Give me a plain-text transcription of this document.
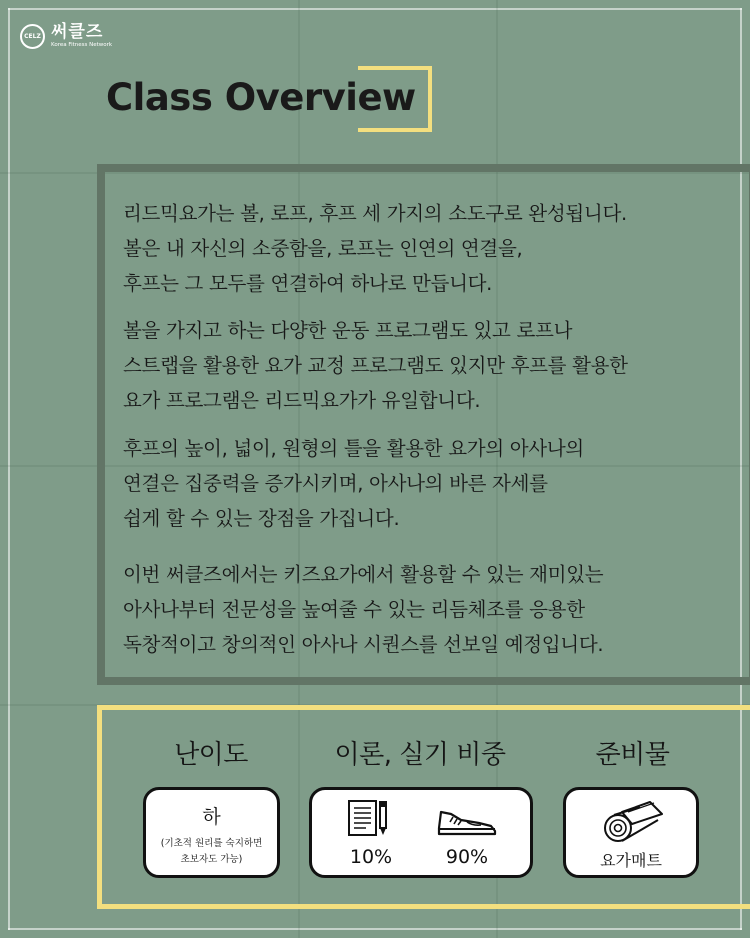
CELZ 써클즈
Korea Fitness Network
Class Overview

리드믹요가는 볼, 로프, 후프 세 가지의 소도구로 완성됩니다.
볼은 내 자신의 소중함을, 로프는 인연의 연결을,
후프는 그 모두를 연결하여 하나로 만듭니다.

볼을 가지고 하는 다양한 운동 프로그램도 있고 로프나
스트랩을 활용한 요가 교정 프로그램도 있지만 후프를 활용한
요가 프로그램은 리드믹요가가 유일합니다.

후프의 높이, 넓이, 원형의 틀을 활용한 요가의 아사나의
연결은 집중력을 증가시키며, 아사나의 바른 자세를
쉽게 할 수 있는 장점을 가집니다.

이번 써클즈에서는 키즈요가에서 활용할 수 있는 재미있는
아사나부터 전문성을 높여줄 수 있는 리듬체조를 응용한
독창적이고 창의적인 아사나 시퀀스를 선보일 예정입니다.

난이도	이론, 실기 비중	준비물
하
(기초적 원리를 숙지하면
초보자도 가능)	10%	90%	요가매트
